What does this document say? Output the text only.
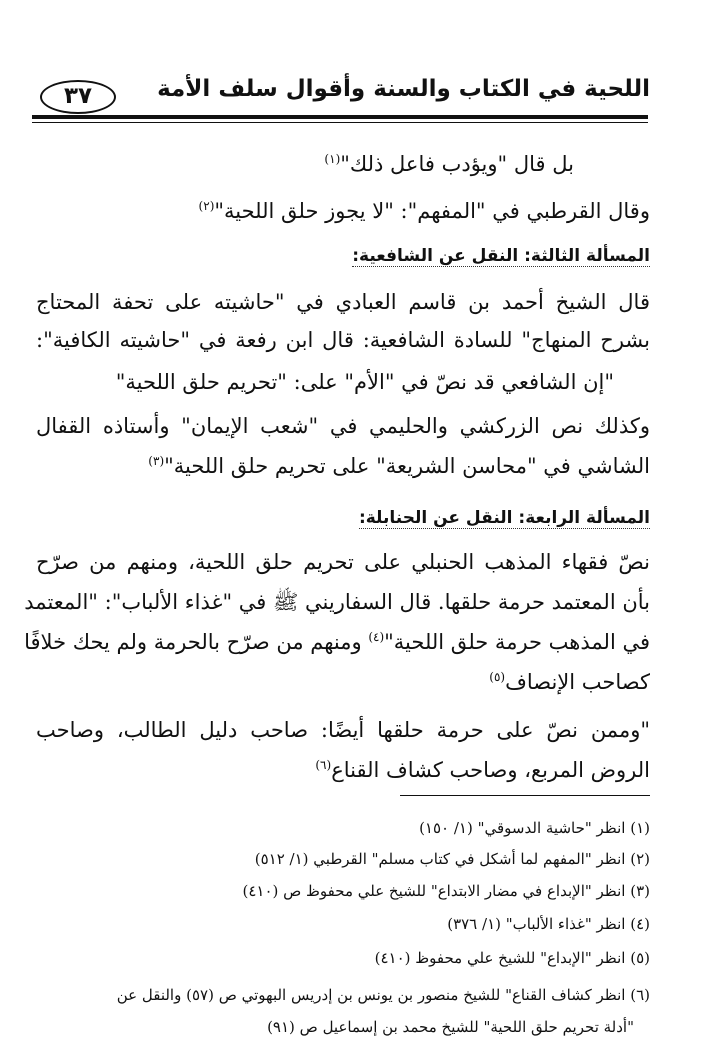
اللحية في الكتاب والسنة وأقوال سلف الأمة
٣٧
بل قال "ويؤدب فاعل ذلك"$^{(١)}$
وقال القرطبي في "المفهم": "لا يجوز حلق اللحية"$^{(٢)}$
المسألة الثالثة: النقل عن الشافعية:
قال الشيخ أحمد بن قاسم العبادي في "حاشيته على تحفة المحتاج
بشرح المنهاج" للسادة الشافعية: قال ابن رفعة في "حاشيته الكافية":
"إن الشافعي قد نصّ في "الأم" على: "تحريم حلق اللحية"
وكذلك نص الزركشي والحليمي في "شعب الإيمان" وأستاذه القفال
الشاشي في "محاسن الشريعة" على تحريم حلق اللحية"$^{(٣)}$
المسألة الرابعة: النقل عن الحنابلة:
نصّ فقهاء المذهب الحنبلي على تحريم حلق اللحية، ومنهم من صرّح
بأن المعتمد حرمة حلقها. قال السفاريني ﷺ في "غذاء الألباب": "المعتمد
في المذهب حرمة حلق اللحية"$^{(٤)}$ ومنهم من صرّح بالحرمة ولم يحك خلافًا
كصاحب الإنصاف$^{(٥)}$
"وممن نصّ على حرمة حلقها أيضًا: صاحب دليل الطالب، وصاحب
الروض المربع، وصاحب كشاف القناع$^{(٦)}$
(١) انظر "حاشية الدسوقي" (١/ ١٥٠)
(٢) انظر "المفهم لما أشكل في كتاب مسلم" القرطبي (١/ ٥١٢)
(٣) انظر "الإبداع في مضار الابتداع" للشيخ علي محفوظ ص (٤١٠)
(٤) انظر "غذاء الألباب" (١/ ٣٧٦)
(٥) انظر "الإبداع" للشيخ علي محفوظ (٤١٠)
(٦) انظر كشاف القناع" للشيخ منصور بن يونس بن إدريس البهوتي ص (٥٧) والنقل عن
"أدلة تحريم حلق اللحية" للشيخ محمد بن إسماعيل ص (٩١)
